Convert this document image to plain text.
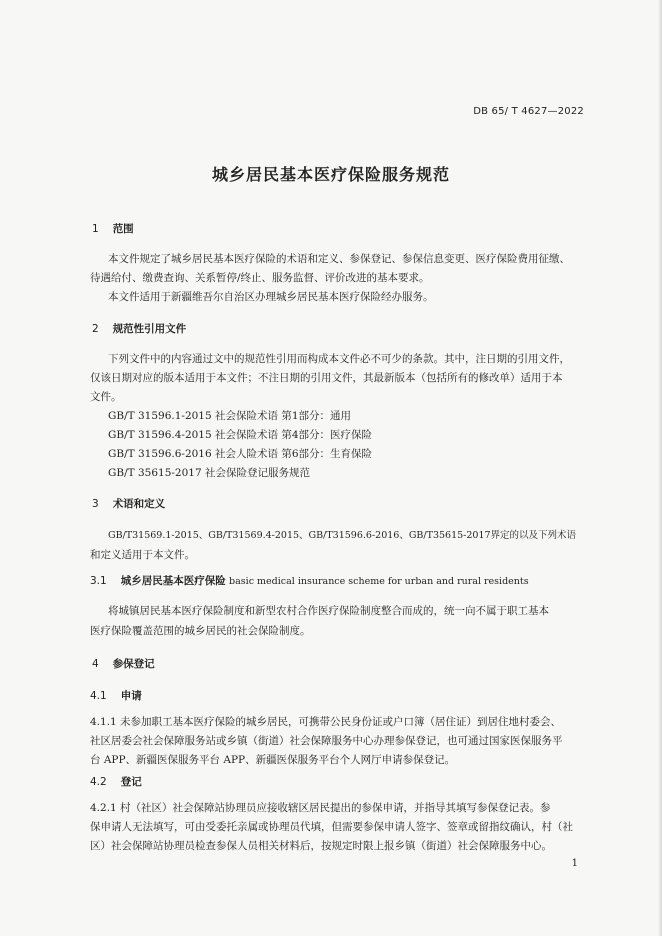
DB 65/ T 4627—2022
城乡居民基本医疗保险服务规范
1 范围
本文件规定了城乡居民基本医疗保险的术语和定义、参保登记、参保信息变更、医疗保险费用征缴、
待遇给付、缴费查询、关系暂停/终止、服务监督、评价改进的基本要求。
本文件适用于新疆维吾尔自治区办理城乡居民基本医疗保险经办服务。
2 规范性引用文件
下列文件中的内容通过文中的规范性引用而构成本文件必不可少的条款。其中，注日期的引用文件，
仅该日期对应的版本适用于本文件；不注日期的引用文件，其最新版本（包括所有的修改单）适用于本
文件。
GB/T 31596.1-2015 社会保险术语 第1部分：通用
GB/T 31596.4-2015 社会保险术语 第4部分：医疗保险
GB/T 31596.6-2016 社会人险术语 第6部分：生育保险
GB/T 35615-2017 社会保险登记服务规范
3 术语和定义
GB/T31569.1-2015、GB/T31569.4-2015、GB/T31596.6-2016、GB/T35615-2017界定的以及下列术语
和定义适用于本文件。
3.1 城乡居民基本医疗保险 basic medical insurance scheme for urban and rural residents
将城镇居民基本医疗保险制度和新型农村合作医疗保险制度整合而成的，统一向不属于职工基本
医疗保险覆盖范围的城乡居民的社会保险制度。
4 参保登记
4.1 申请
4.1.1 未参加职工基本医疗保险的城乡居民，可携带公民身份证或户口簿（居住证）到居住地村委会、
社区居委会社会保障服务站或乡镇（街道）社会保障服务中心办理参保登记，也可通过国家医保服务平
台 APP、新疆医保服务平台 APP、新疆医保服务平台个人网厅申请参保登记。
4.2 登记
4.2.1 村（社区）社会保障站协理员应接收辖区居民提出的参保申请，并指导其填写参保登记表。参
保申请人无法填写，可由受委托亲属或协理员代填，但需要参保申请人签字、签章或留指纹确认，村（社
区）社会保障站协理员检查参保人员相关材料后，按规定时限上报乡镇（街道）社会保障服务中心。
1
